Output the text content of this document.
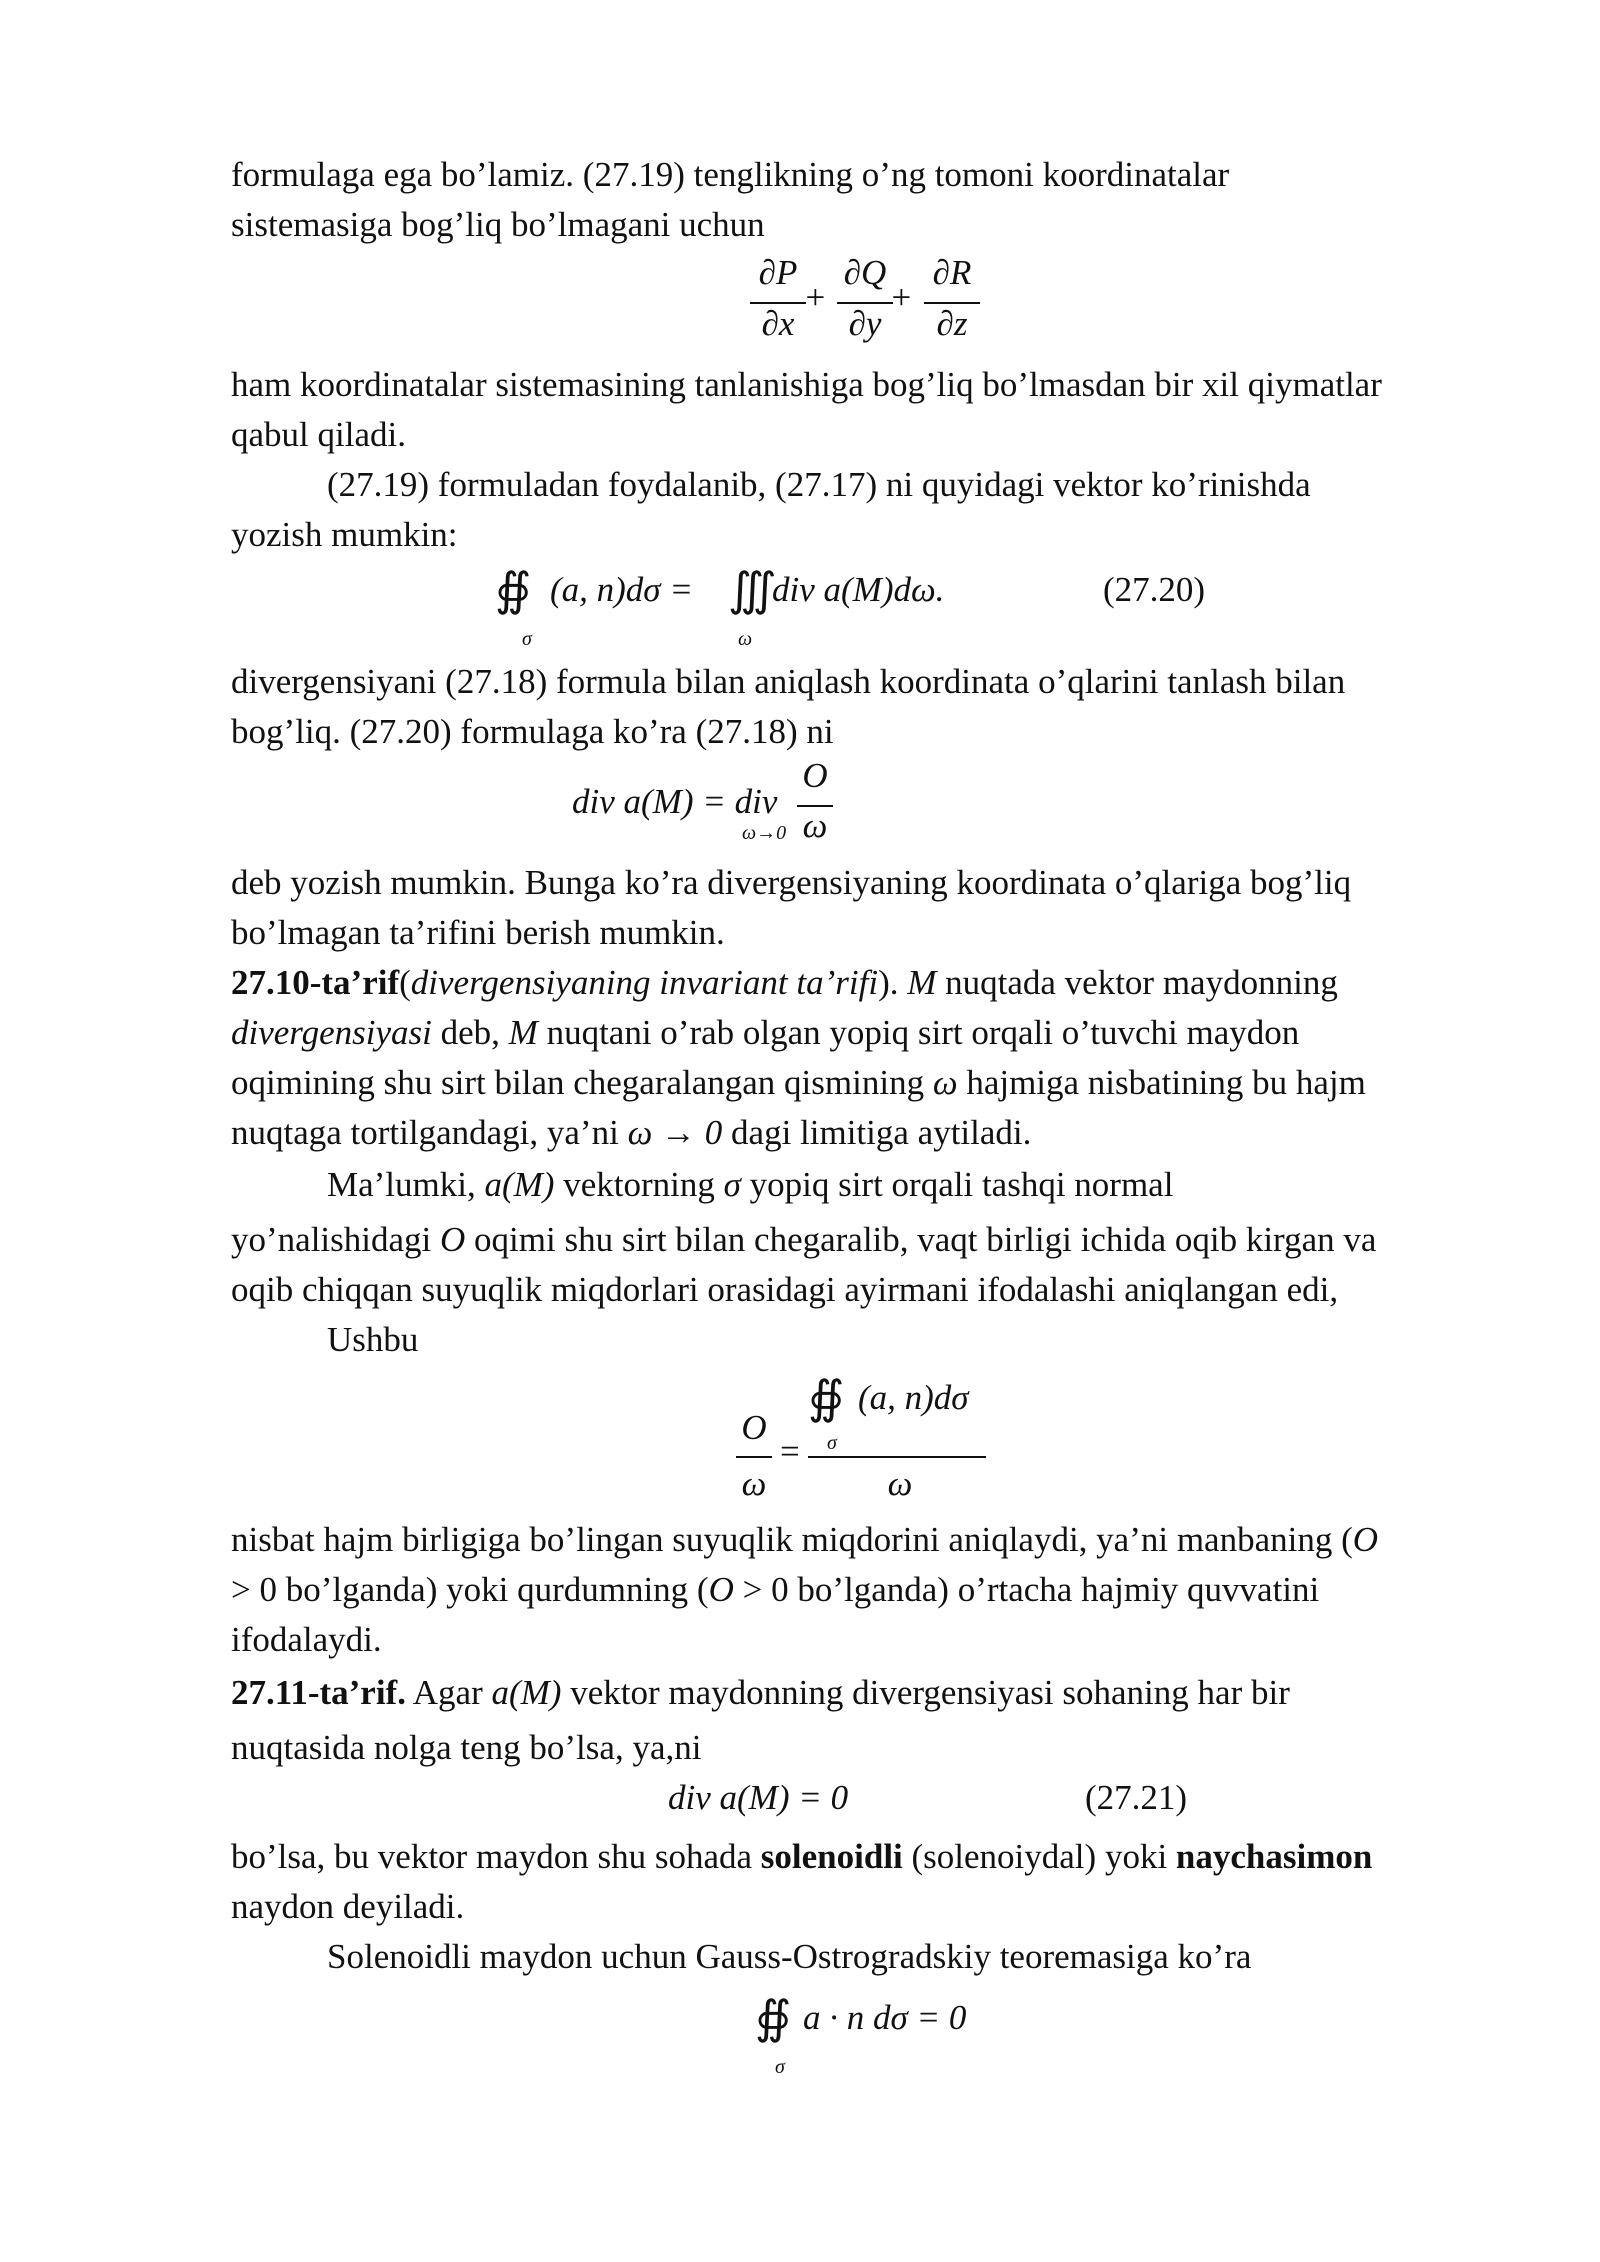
formulaga ega bo’lamiz. (27.19) tenglikning o’ng tomoni koordinatalar
sistemasiga bog’liq bo’lmagani uchun
∂P
∂x
+
∂Q
∂y
+
∂R
∂z
ham koordinatalar sistemasining tanlanishiga bog’liq bo’lmasdan bir xil qiymatlar
qabul qiladi.
(27.19) formuladan foydalanib, (27.17) ni quyidagi vektor ko’rinishda
yozish mumkin:
∯ (a, n)dσ = ∭
div a(M)dω.
σ	ω
(27.20)
divergensiyani (27.18) formula bilan aniqlash koordinata o’qlarini tanlash bilan
bog’liq. (27.20) formulaga ko’ra (27.18) ni
div a(M) = div
ω→0
O
ω
deb yozish mumkin. Bunga ko’ra divergensiyaning koordinata o’qlariga bog’liq
bo’lmagan ta’rifini berish mumkin.
27.10-ta’rif(divergensiyaning invariant ta’rifi). M nuqtada vektor maydonning
divergensiyasi deb, M nuqtani o’rab olgan yopiq sirt orqali o’tuvchi maydon
oqimining shu sirt bilan chegaralangan qismining ω hajmiga nisbatining bu hajm
nuqtaga tortilgandagi, ya’ni ω → 0 dagi limitiga aytiladi.
Ma’lumki, a(M) vektorning σ yopiq sirt orqali tashqi normal
yo’nalishidagi O oqimi shu sirt bilan chegaralib, vaqt birligi ichida oqib kirgan va
oqib chiqqan suyuqlik miqdorlari orasidagi ayirmani ifodalashi aniqlangan edi,
Ushbu
O
ω
=
∯ (a, n)dσ
σ
ω
nisbat hajm birligiga bo’lingan suyuqlik miqdorini aniqlaydi, ya’ni manbaning (O
> 0 bo’lganda) yoki qurdumning (O > 0 bo’lganda) o’rtacha hajmiy quvvatini
ifodalaydi.
27.11-ta’rif. Agar a(M) vektor maydonning divergensiyasi sohaning har bir
nuqtasida nolga teng bo’lsa, ya,ni
div a(M) = 0	(27.21)
bo’lsa, bu vektor maydon shu sohada solenoidli (solenoiydal) yoki naychasimon
naydon deyiladi.
Solenoidli maydon uchun Gauss-Ostrogradskiy teoremasiga ko’ra
∯ a · n dσ = 0
σ
